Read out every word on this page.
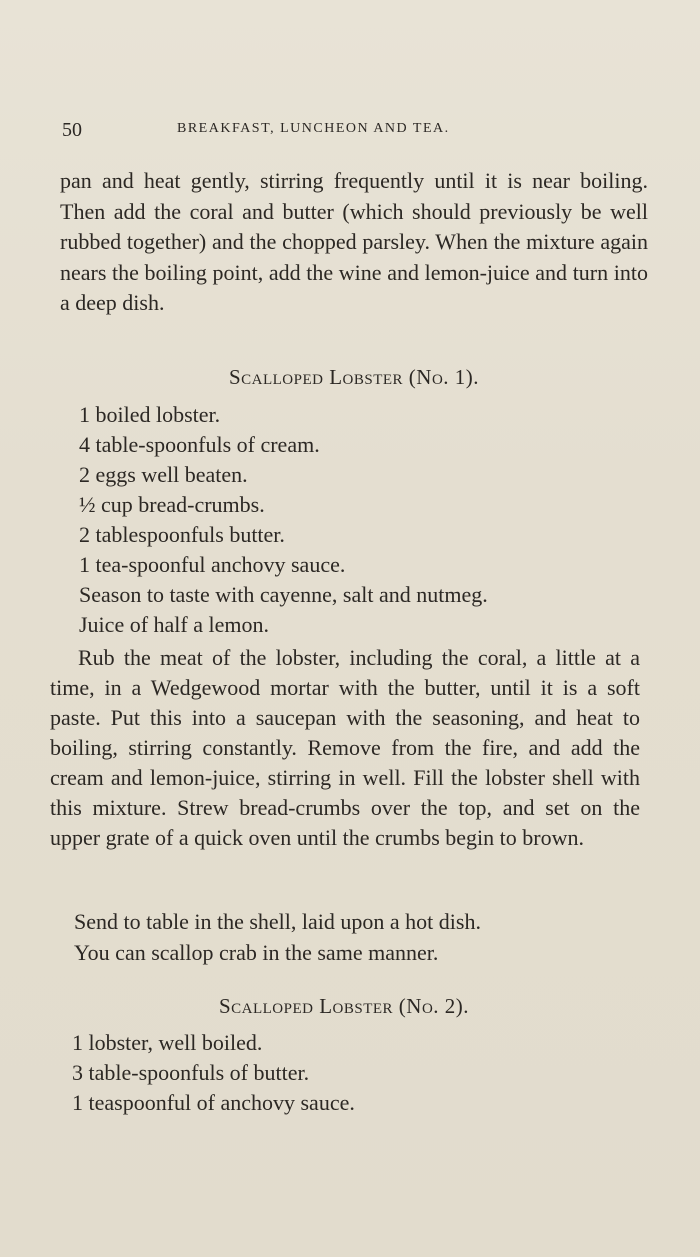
50	BREAKFAST, LUNCHEON AND TEA.

pan and heat gently, stirring frequently until it is near boiling. Then add the coral and butter (which should previously be well rubbed together) and the chopped parsley. When the mixture again nears the boiling point, add the wine and lemon-juice and turn into a deep dish.

Scalloped Lobster (No. 1).
1 boiled lobster.
4 table-spoonfuls of cream.
2 eggs well beaten.
½ cup bread-crumbs.
2 tablespoonfuls butter.
1 tea-spoonful anchovy sauce.
Season to taste with cayenne, salt and nutmeg.
Juice of half a lemon.

Rub the meat of the lobster, including the coral, a little at a time, in a Wedgewood mortar with the butter, until it is a soft paste. Put this into a saucepan with the seasoning, and heat to boiling, stirring constantly. Remove from the fire, and add the cream and lemon-juice, stirring in well. Fill the lobster shell with this mixture. Strew bread-crumbs over the top, and set on the upper grate of a quick oven until the crumbs begin to brown.

Send to table in the shell, laid upon a hot dish.
You can scallop crab in the same manner.
Scalloped Lobster (No. 2).
1 lobster, well boiled.
3 table-spoonfuls of butter.
1 teaspoonful of anchovy sauce.
